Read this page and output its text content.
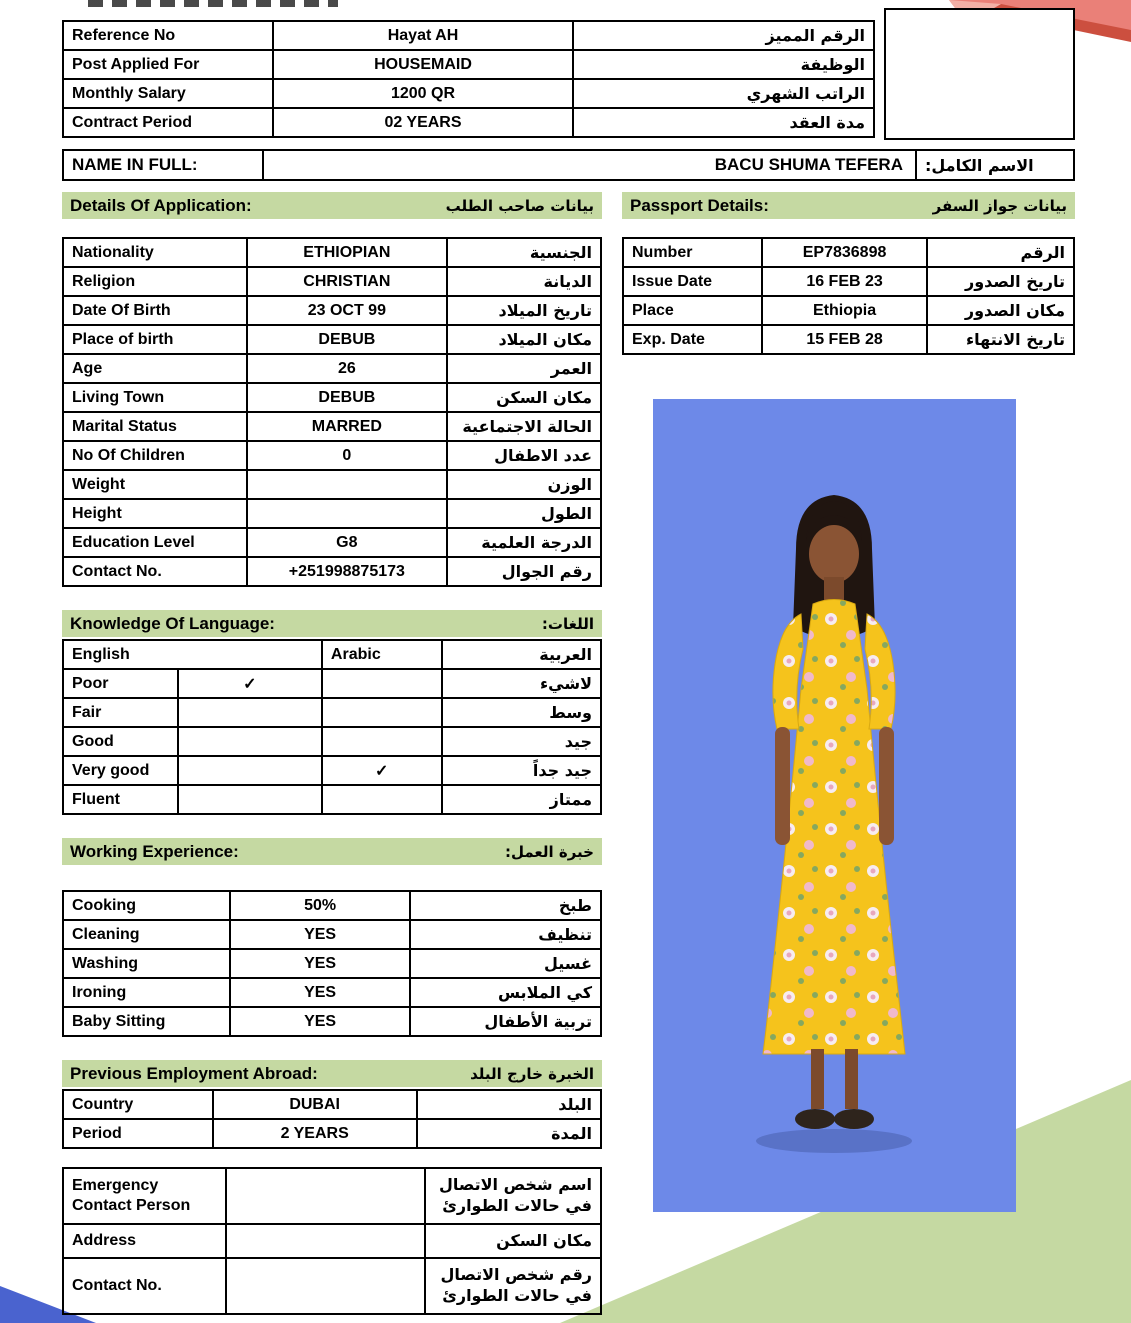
Reference No	Hayat AH	الرقم المميز
Post Applied For	HOUSEMAID	الوظيفة
Monthly Salary	1200 QR	الراتب الشهري
Contract Period	02 YEARS	مدة العقد
NAME IN FULL:	BACU SHUMA TEFERA	الاسم الكامل:
Details Of Application:	بيانات صاحب الطلب
Nationality	ETHIOPIAN	الجنسية
Religion	CHRISTIAN	الديانة
Date Of Birth	23 OCT 99	تاريخ الميلاد
Place of birth	DEBUB	مكان الميلاد
Age	26	العمر
Living Town	DEBUB	مكان السكن
Marital Status	MARRED	الحالة الاجتماعية
No Of Children	0	عدد الاطفال
Weight		الوزن
Height		الطول
Education Level	G8	الدرجة العلمية
Contact No.	+251998875173	رقم الجوال
Knowledge Of Language:	اللغات:
English		Arabic	العربية
Poor	✓		لاشيء
Fair			وسط
Good			جيد
Very good		✓	جيد جداً
Fluent			ممتاز
Working Experience:	خبرة العمل:
Cooking	50%	طبخ
Cleaning	YES	تنظيف
Washing	YES	غسيل
Ironing	YES	كي الملابس
Baby Sitting	YES	تربية الأطفال
Previous Employment Abroad:	الخبرة خارج البلد
Country	DUBAI	البلد
Period	2 YEARS	المدة
Emergency Contact Person		اسم شخص الاتصال في حالات الطوارئ
Address		مكان السكن
Contact No.		رقم شخص الاتصال في حالات الطوارئ
Passport Details:	بيانات جواز السفر
Number	EP7836898	الرقم
Issue Date	16 FEB 23	تاريخ الصدور
Place	Ethiopia	مكان الصدور
Exp. Date	15 FEB 28	تاريخ الانتهاء
